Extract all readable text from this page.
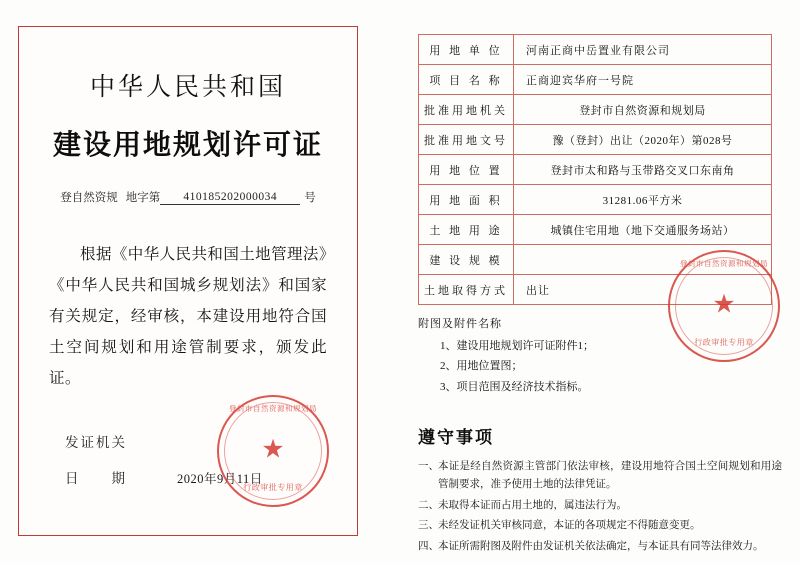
中华人民共和国
建设用地规划许可证
登自然资规 地字第	410185202000034	号
根据《中华人民共和国土地管理法》《中华人民共和国城乡规划法》和国家有关规定，经审核，本建设用地符合国土空间规划和用途管制要求，颁发此证。
发证机关
日　　期	2020年9月11日
登封市自然资源和规划局
★
行政审批专用章
用 地 单 位	河南正商中岳置业有限公司
项 目 名 称	正商迎宾华府一号院
批准用地机关	登封市自然资源和规划局
批准用地文号	豫（登封）出让（2020年）第028号
用 地 位 置	登封市太和路与玉带路交叉口东南角
用 地 面 积	31281.06平方米
土 地 用 途	城镇住宅用地（地下交通服务场站）
建 设 规 模	
土地取得方式	出让
附图及附件名称
1、建设用地规划许可证附件1；
2、用地位置图；
3、项目范围及经济技术指标。
遵守事项
一、 本证是经自然资源主管部门依法审核，建设用地符合国土空间规划和用途管制要求，准予使用土地的法律凭证。
二、 未取得本证而占用土地的，属违法行为。
三、 未经发证机关审核同意，本证的各项规定不得随意变更。
四、 本证所需附图及附件由发证机关依法确定，与本证具有同等法律效力。
登封市自然资源和规划局
★
行政审批专用章
